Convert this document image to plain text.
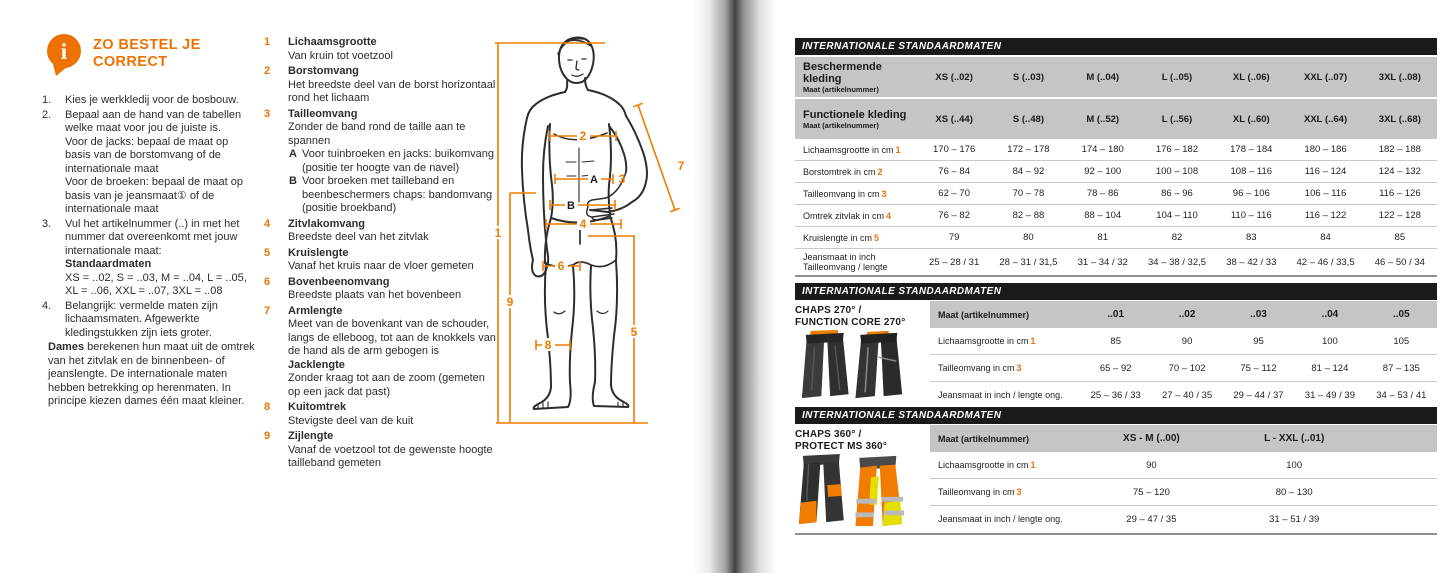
i ZO BESTEL JE
CORRECT
1.	Kies je werkkledij voor de bosbouw.
2.	Bepaal aan de hand van de tabellen welke maat voor jou de juiste is.
Voor de jacks: bepaal de maat op basis van de borstomvang of de internationale maat
Voor de broeken: bepaal de maat op basis van je jeansmaat① of de internationale maat
3.	Vul het artikelnummer (..) in met het nummer dat overeenkomt met jouw internationale maat:
Standaardmaten
XS = ..02, S = ..03, M = ..04, L = ..05, XL = ..06, XXL = ..07, 3XL = ..08
4.	Belangrijk: vermelde maten zijn lichaamsmaten. Afgewerkte kledingstukken zijn iets groter.
Dames berekenen hun maat uit de omtrek van het zitvlak en de binnenbeen- of jeanslengte. De internationale maten hebben betrekking op herenmaten. In principe kiezen dames één maat kleiner.
1	Lichaamsgrootte
Van kruin tot voetzool
2	Borstomvang
Het breedste deel van de borst horizontaal rond het lichaam
3	Tailleomvang
Zonder de band rond de taille aan te spannen
A Voor tuinbroeken en jacks: buikomvang (positie ter hoogte van de navel)
B Voor broeken met tailleband en beenbeschermers chaps: bandomvang (positie broekband)
4	Zitvlakomvang
Breedste deel van het zitvlak
5	Kruislengte
Vanaf het kruis naar de vloer gemeten
6	Bovenbeenomvang
Breedste plaats van het bovenbeen
7	Armlengte
Meet van de bovenkant van de schouder, langs de elleboog, tot aan de knokkels van de hand als de arm gebogen is
Jacklengte
Zonder kraag tot aan de zoom (gemeten op een jack dat past)
8	Kuitomtrek
Stevigste deel van de kuit
9	Zijlengte
Vanaf de voetzool tot de gewenste hoogte tailleband gemeten
1
2
3
4
5
6
7
8
9
A
B
INTERNATIONALE STANDAARDMATEN
Beschermende kleding
Maat (artikelnummer)
XS (..02)	S (..03)	M (..04)	L (..05)	XL (..06)	XXL (..07)	3XL (..08)
Functionele kleding
Maat (artikelnummer)
XS (..44)	S (..48)	M (..52)	L (..56)	XL (..60)	XXL (..64)	3XL (..68)
Lichaamsgrootte in cm 1	170 – 176	172 – 178	174 – 180	176 – 182	178 – 184	180 – 186	182 – 188
Borstomtrek in cm 2	76 – 84	84 – 92	92 – 100	100 – 108	108 – 116	116 – 124	124 – 132
Tailleomvang in cm 3	62 – 70	70 – 78	78 – 86	86 – 96	96 – 106	106 – 116	116 – 126
Omtrek zitvlak in cm 4	76 – 82	82 – 88	88 – 104	104 – 110	110 – 116	116 – 122	122 – 128
Kruislengte in cm 5	79	80	81	82	83	84	85
Jeansmaat in inch
Tailleomvang / lengte	25 – 28 / 31	28 – 31 / 31,5	31 – 34 / 32	34 – 38 / 32,5	38 – 42 / 33	42 – 46 / 33,5	46 – 50 / 34
INTERNATIONALE STANDAARDMATEN
CHAPS 270° /
FUNCTION CORE 270°
Maat (artikelnummer)	..01	..02	..03	..04	..05
Lichaamsgrootte in cm 1	85	90	95	100	105
Tailleomvang in cm 3	65 – 92	70 – 102	75 – 112	81 – 124	87 – 135
Jeansmaat in inch / lengte ong.	25 – 36 / 33	27 – 40 / 35	29 – 44 / 37	31 – 49 / 39	34 – 53 / 41
INTERNATIONALE STANDAARDMATEN
CHAPS 360° /
PROTECT MS 360°
Maat (artikelnummer)	XS - M (..00)	L - XXL (..01)
Lichaamsgrootte in cm 1	90	100
Tailleomvang in cm 3	75 – 120	80 – 130
Jeansmaat in inch / lengte ong.	29 – 47 / 35	31 – 51 / 39
